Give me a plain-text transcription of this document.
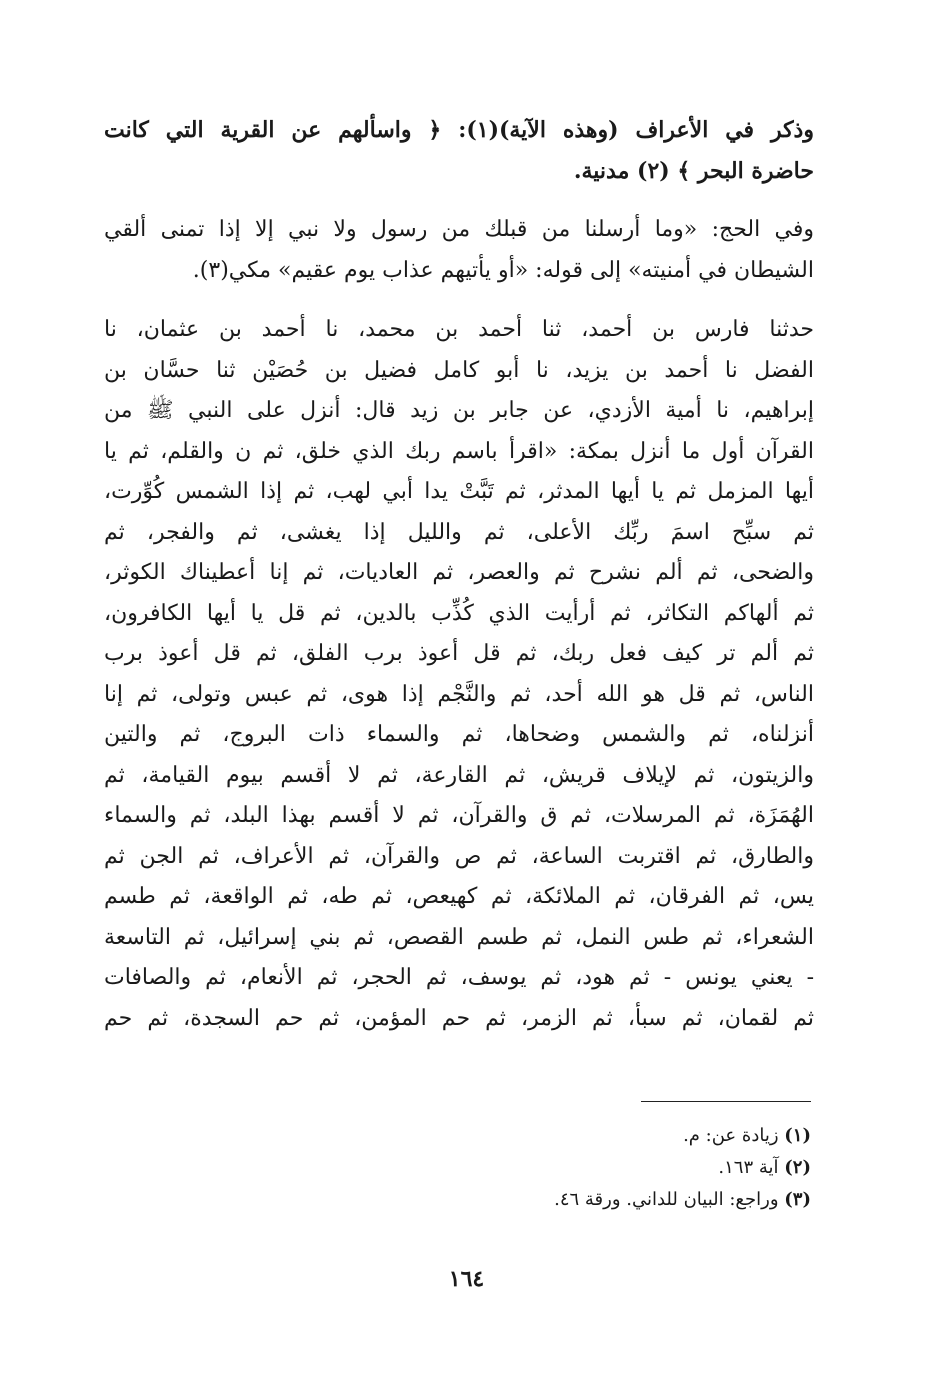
وذكر في الأعراف (وهذه الآية)(١): ﴿ واسألهم عن القرية التي كانت
حاضرة البحر ﴾ (٢) مدنية.

وفي الحج: «وما أرسلنا من قبلك من رسول ولا نبي إلا إذا تمنى ألقي
الشيطان في أمنيته» إلى قوله: «أو يأتيهم عذاب يوم عقيم» مكي(٣).

حدثنا فارس بن أحمد، ثنا أحمد بن محمد، نا أحمد بن عثمان، نا
الفضل نا أحمد بن يزيد، نا أبو كامل فضيل بن حُصَيْن ثنا حسَّان بن
إبراهيم، نا أمية الأزدي، عن جابر بن زيد قال: أنزل على النبي ﷺ من
القرآن أول ما أنزل بمكة: «اقرأ باسم ربك الذي خلق، ثم ن والقلم، ثم يا
أيها المزمل ثم يا أيها المدثر، ثم تَبَّتْ يدا أبي لهب، ثم إذا الشمس كُوِّرت،
ثم سبِّح اسمَ ربِّك الأعلى، ثم والليل إذا يغشى، ثم والفجر، ثم
والضحى، ثم ألم نشرح ثم والعصر، ثم العاديات، ثم إنا أعطيناك الكوثر،
ثم ألهاكم التكاثر، ثم أرأيت الذي كُذِّب بالدين، ثم قل يا أيها الكافرون،
ثم ألم تر كيف فعل ربك، ثم قل أعوذ برب الفلق، ثم قل أعوذ برب
الناس، ثم قل هو الله أحد، ثم والنَّجْم إذا هوى، ثم عبس وتولى، ثم إنا
أنزلناه، ثم والشمس وضحاها، ثم والسماء ذات البروج، ثم والتين
والزيتون، ثم لإيلاف قريش، ثم القارعة، ثم لا أقسم بيوم القيامة، ثم
الهُمَزَة، ثم المرسلات، ثم ق والقرآن، ثم لا أقسم بهذا البلد، ثم والسماء
والطارق، ثم اقتربت الساعة، ثم ص والقرآن، ثم الأعراف، ثم الجن ثم
يس، ثم الفرقان، ثم الملائكة، ثم كهيعص، ثم طه، ثم الواقعة، ثم طسم
الشعراء، ثم طس النمل، ثم طسم القصص، ثم بني إسرائيل، ثم التاسعة
- يعني يونس - ثم هود، ثم يوسف، ثم الحجر، ثم الأنعام، ثم والصافات
ثم لقمان، ثم سبأ، ثم الزمر، ثم حم المؤمن، ثم حم السجدة، ثم حم

(١) زيادة عن: م.
(٢) آية ١٦٣.
(٣) وراجع: البيان للداني. ورقة ٤٦.
١٦٤
